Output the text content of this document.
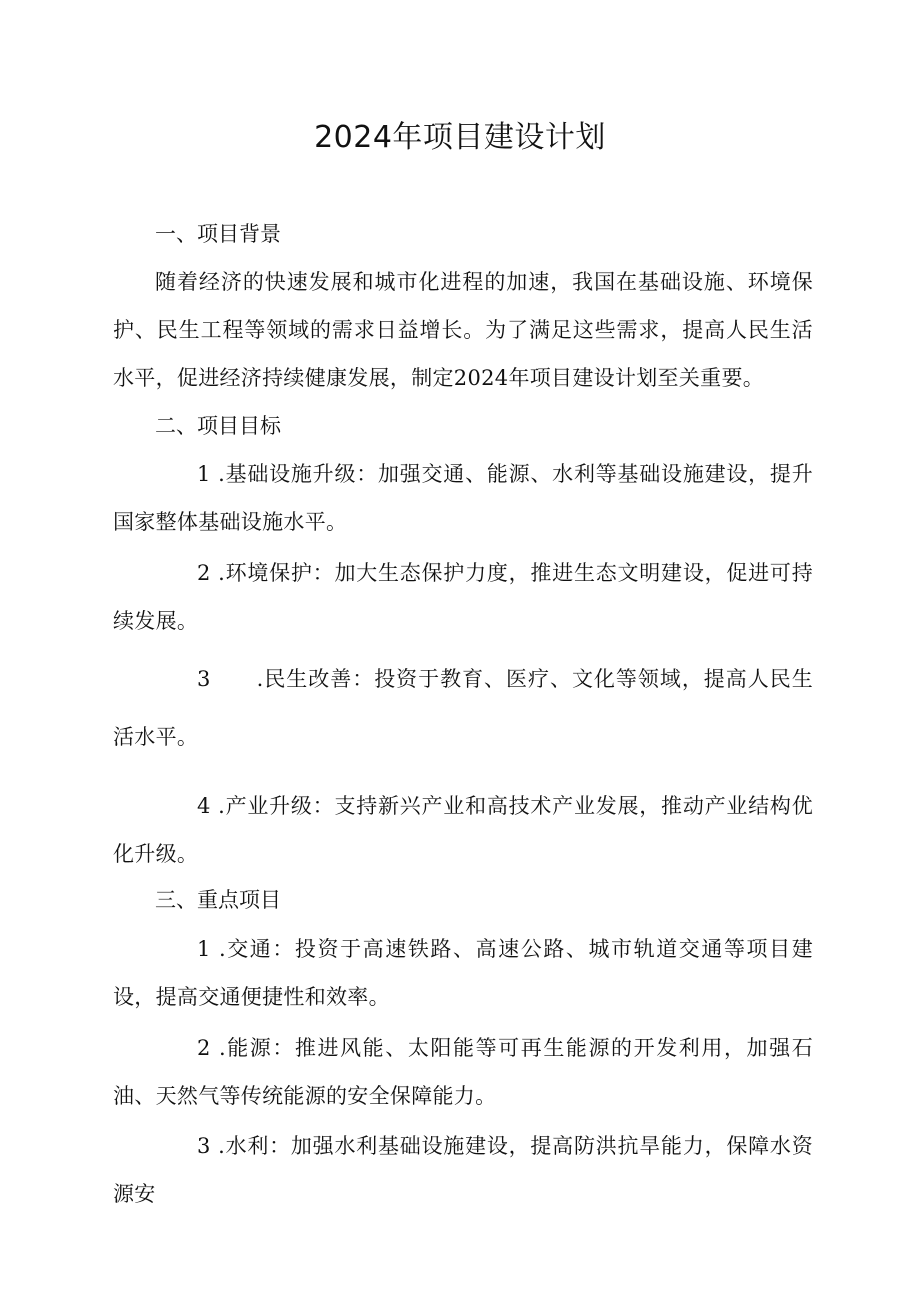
2024年项目建设计划

一、项目背景

随着经济的快速发展和城市化进程的加速，我国在基础设施、环境保护、民生工程等领域的需求日益增长。为了满足这些需求，提高人民生活水平，促进经济持续健康发展，制定2024年项目建设计划至关重要。

二、项目目标

1 .基础设施升级：加强交通、能源、水利等基础设施建设，提升国家整体基础设施水平。

2 .环境保护：加大生态保护力度，推进生态文明建设，促进可持续发展。

3 .民生改善：投资于教育、医疗、文化等领域，提高人民生活水平。

4 .产业升级：支持新兴产业和高技术产业发展，推动产业结构优化升级。

三、重点项目

1 .交通：投资于高速铁路、高速公路、城市轨道交通等项目建设，提高交通便捷性和效率。

2 .能源：推进风能、太阳能等可再生能源的开发利用，加强石油、天然气等传统能源的安全保障能力。

3 .水利：加强水利基础设施建设，提高防洪抗旱能力，保障水资源安
